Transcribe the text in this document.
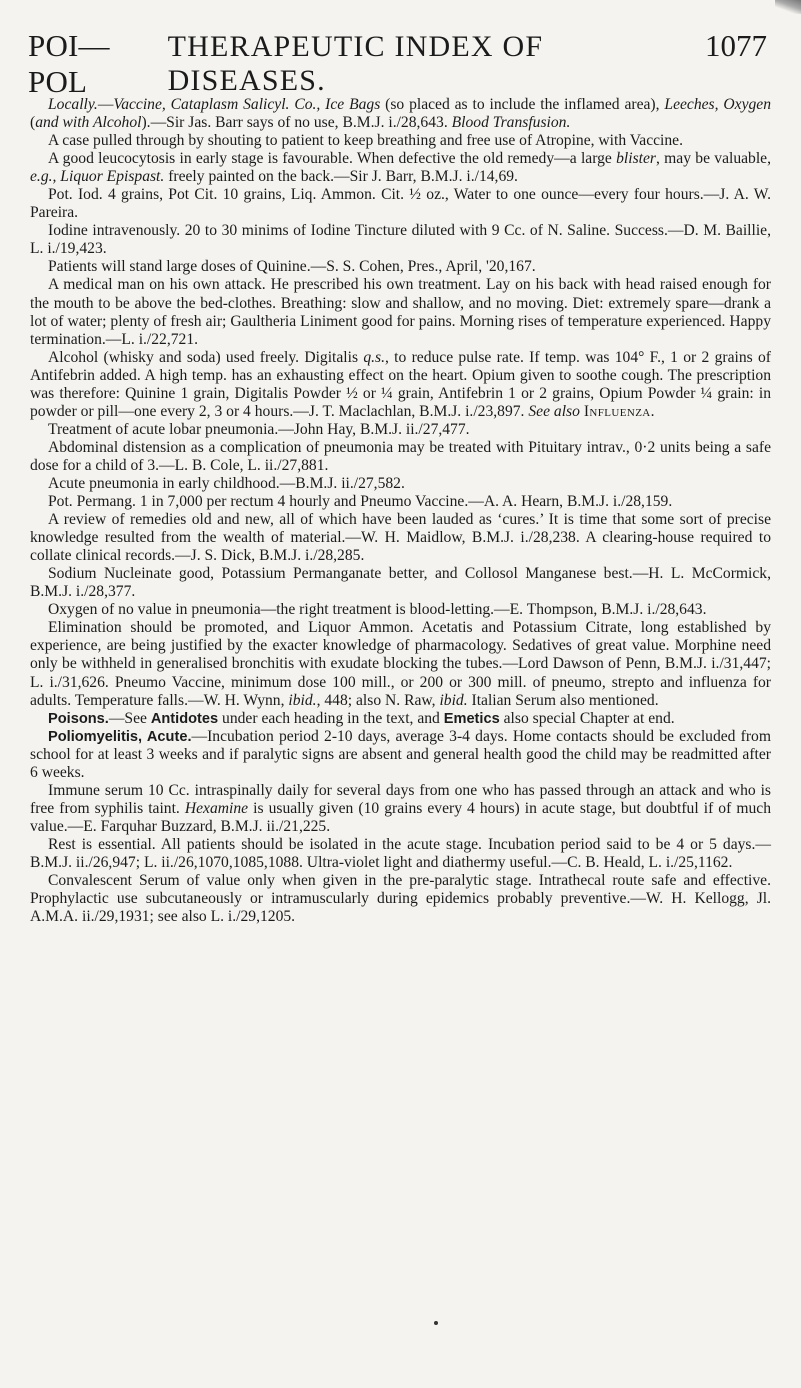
POI—POL
THERAPEUTIC INDEX OF DISEASES.
1077

Locally.—Vaccine, Cataplasm Salicyl. Co., Ice Bags (so placed as to include the inflamed area), Leeches, Oxygen (and with Alcohol).—Sir Jas. Barr says of no use, B.M.J. i./28,643. Blood Transfusion.

A case pulled through by shouting to patient to keep breathing and free use of Atropine, with Vaccine.

A good leucocytosis in early stage is favourable. When defective the old remedy—a large blister, may be valuable, e.g., Liquor Epispast. freely painted on the back.—Sir J. Barr, B.M.J. i./14,69.

Pot. Iod. 4 grains, Pot Cit. 10 grains, Liq. Ammon. Cit. ½ oz., Water to one ounce—every four hours.—J. A. W. Pareira.

Iodine intravenously. 20 to 30 minims of Iodine Tincture diluted with 9 Cc. of N. Saline. Success.—D. M. Baillie, L. i./19,423.

Patients will stand large doses of Quinine.—S. S. Cohen, Pres., April, '20,167.

A medical man on his own attack. He prescribed his own treatment. Lay on his back with head raised enough for the mouth to be above the bed-clothes. Breathing: slow and shallow, and no moving. Diet: extremely spare—drank a lot of water; plenty of fresh air; Gaultheria Liniment good for pains. Morning rises of temperature experienced. Happy termination.—L. i./22,721.

Alcohol (whisky and soda) used freely. Digitalis q.s., to reduce pulse rate. If temp. was 104° F., 1 or 2 grains of Antifebrin added. A high temp. has an exhausting effect on the heart. Opium given to soothe cough. The prescription was therefore: Quinine 1 grain, Digitalis Powder ½ or ¼ grain, Antifebrin 1 or 2 grains, Opium Powder ¼ grain: in powder or pill—one every 2, 3 or 4 hours.—J. T. Maclachlan, B.M.J. i./23,897. See also Influenza.

Treatment of acute lobar pneumonia.—John Hay, B.M.J. ii./27,477.

Abdominal distension as a complication of pneumonia may be treated with Pituitary intrav., 0·2 units being a safe dose for a child of 3.—L. B. Cole, L. ii./27,881.

Acute pneumonia in early childhood.—B.M.J. ii./27,582.

Pot. Permang. 1 in 7,000 per rectum 4 hourly and Pneumo Vaccine.—A. A. Hearn, B.M.J. i./28,159.

A review of remedies old and new, all of which have been lauded as ‘cures.’ It is time that some sort of precise knowledge resulted from the wealth of material.—W. H. Maidlow, B.M.J. i./28,238. A clearing-house required to collate clinical records.—J. S. Dick, B.M.J. i./28,285.

Sodium Nucleinate good, Potassium Permanganate better, and Collosol Manganese best.—H. L. McCormick, B.M.J. i./28,377.

Oxygen of no value in pneumonia—the right treatment is blood-letting.—E. Thompson, B.M.J. i./28,643.

Elimination should be promoted, and Liquor Ammon. Acetatis and Potassium Citrate, long established by experience, are being justified by the exacter knowledge of pharmacology. Sedatives of great value. Morphine need only be withheld in generalised bronchitis with exudate blocking the tubes.—Lord Dawson of Penn, B.M.J. i./31,447; L. i./31,626. Pneumo Vaccine, minimum dose 100 mill., or 200 or 300 mill. of pneumo, strepto and influenza for adults. Temperature falls.—W. H. Wynn, ibid., 448; also N. Raw, ibid. Italian Serum also mentioned.

Poisons.—See Antidotes under each heading in the text, and Emetics also special Chapter at end.

Poliomyelitis, Acute.—Incubation period 2-10 days, average 3-4 days. Home contacts should be excluded from school for at least 3 weeks and if paralytic signs are absent and general health good the child may be readmitted after 6 weeks.

Immune serum 10 Cc. intraspinally daily for several days from one who has passed through an attack and who is free from syphilis taint. Hexamine is usually given (10 grains every 4 hours) in acute stage, but doubtful if of much value.—E. Farquhar Buzzard, B.M.J. ii./21,225.

Rest is essential. All patients should be isolated in the acute stage. Incubation period said to be 4 or 5 days.—B.M.J. ii./26,947; L. ii./26,1070,1085,1088. Ultra-violet light and diathermy useful.—C. B. Heald, L. i./25,1162.

Convalescent Serum of value only when given in the pre-paralytic stage. Intrathecal route safe and effective. Prophylactic use subcutaneously or intramuscularly during epidemics probably preventive.—W. H. Kellogg, Jl. A.M.A. ii./29,1931; see also L. i./29,1205.
